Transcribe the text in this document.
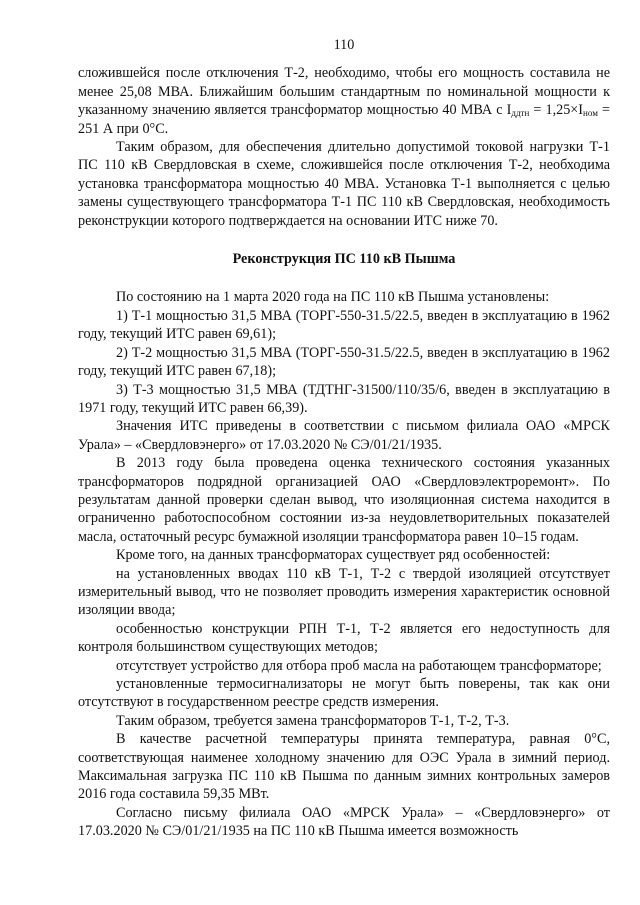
110

сложившейся после отключения Т-2, необходимо, чтобы его мощность составила не менее 25,08 МВА. Ближайшим большим стандартным по номинальной мощности к указанному значению является трансформатор мощностью 40 МВА с $I_{ддтн} = 1,25\times I_{ном} = 251$ А при 0°С.

Таким образом, для обеспечения длительно допустимой токовой нагрузки Т-1 ПС 110 кВ Свердловская в схеме, сложившейся после отключения Т-2, необходима установка трансформатора мощностью 40 МВА. Установка Т-1 выполняется с целью замены существующего трансформатора Т-1 ПС 110 кВ Свердловская, необходимость реконструкции которого подтверждается на основании ИТС ниже 70.

Реконструкция ПС 110 кВ Пышма

По состоянию на 1 марта 2020 года на ПС 110 кВ Пышма установлены:

1) Т-1 мощностью 31,5 МВА (ТОРГ-550-31.5/22.5, введен в эксплуатацию в 1962 году, текущий ИТС равен 69,61);

2) Т-2 мощностью 31,5 МВА (ТОРГ-550-31.5/22.5, введен в эксплуатацию в 1962 году, текущий ИТС равен 67,18);

3) Т-3 мощностью 31,5 МВА (ТДТНГ-31500/110/35/6, введен в эксплуатацию в 1971 году, текущий ИТС равен 66,39).

Значения ИТС приведены в соответствии с письмом филиала ОАО «МРСК Урала» – «Свердловэнерго» от 17.03.2020 № СЭ/01/21/1935.

В 2013 году была проведена оценка технического состояния указанных трансформаторов подрядной организацией ОАО «Свердловэлектроремонт». По результатам данной проверки сделан вывод, что изоляционная система находится в ограниченно работоспособном состоянии из-за неудовлетворительных показателей масла, остаточный ресурс бумажной изоляции трансформатора равен 10–15 годам.

Кроме того, на данных трансформаторах существует ряд особенностей:

на установленных вводах 110 кВ Т-1, Т-2 с твердой изоляцией отсутствует измерительный вывод, что не позволяет проводить измерения характеристик основной изоляции ввода;

особенностью конструкции РПН Т-1, Т-2 является его недоступность для контроля большинством существующих методов;

отсутствует устройство для отбора проб масла на работающем трансформаторе;

установленные термосигнализаторы не могут быть поверены, так как они отсутствуют в государственном реестре средств измерения.

Таким образом, требуется замена трансформаторов Т-1, Т-2, Т-3.

В качестве расчетной температуры принята температура, равная 0°С, соответствующая наименее холодному значению для ОЭС Урала в зимний период. Максимальная загрузка ПС 110 кВ Пышма по данным зимних контрольных замеров 2016 года составила 59,35 МВт.

Согласно письму филиала ОАО «МРСК Урала» – «Свердловэнерго» от 17.03.2020 № СЭ/01/21/1935 на ПС 110 кВ Пышма имеется возможность
